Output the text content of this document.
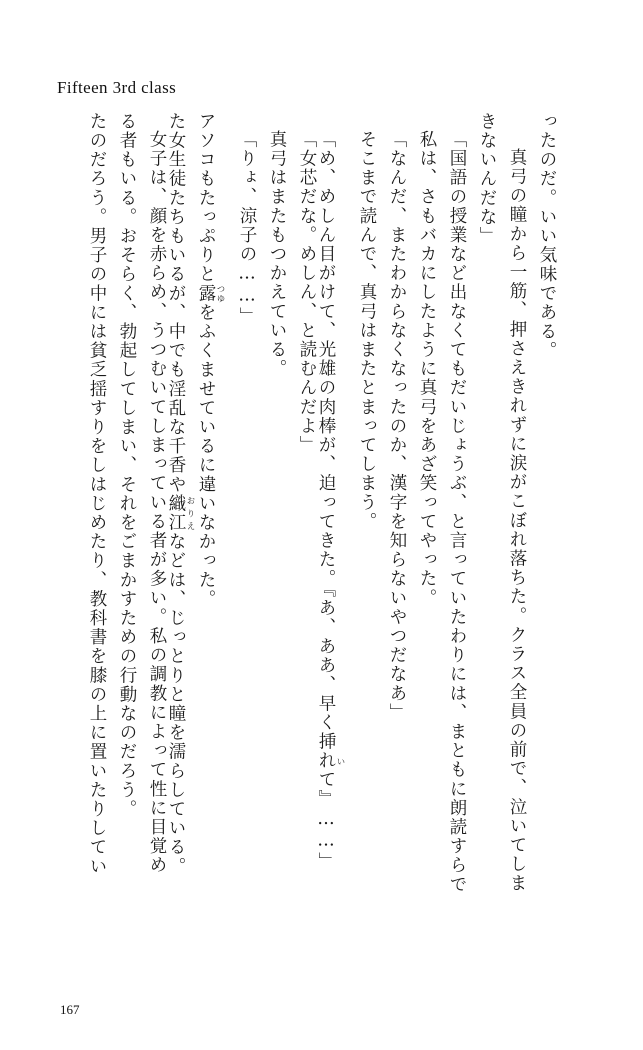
Fifteen 3rd class
たのだろう。男子の中には貧乏揺すりをしはじめたり、教科書を膝の上に置いたりしてい る者もいる。おそらく、勃起してしまい、それをごまかすための行動なのだろう。 女子は、顔を赤らめ、うつむいてしまっている者が多い。私の調教によって性に目覚め た女生徒たちもいるが、中でも淫乱な千香や織江 おりえなどは、じっとりと瞳を濡らしている。
アソコもたっぷりと露 つゆをふくませているに違いなかった。
「りょ、涼子の……」 真弓はまたもつかえている。 「女芯だな。めしん、と読むんだよ」 「め、めしん目がけて、光雄の肉棒が、迫ってきた。『あ、ああ、早く挿れて い』……」
そこまで読んで、真弓はまたとまってしまう。 「なんだ、またわからなくなったのか、漢字を知らないやつだなあ」 私は、さもバカにしたように真弓をあざ笑ってやった。 「国語の授業など出なくてもだいじょうぶ、と言っていたわりには、まともに朗読すらで きないんだな」 真弓の瞳から一筋、押さえきれずに涙がこぼれ落ちた。クラス全員の前で、泣いてしま ったのだ。いい気味である。
167
